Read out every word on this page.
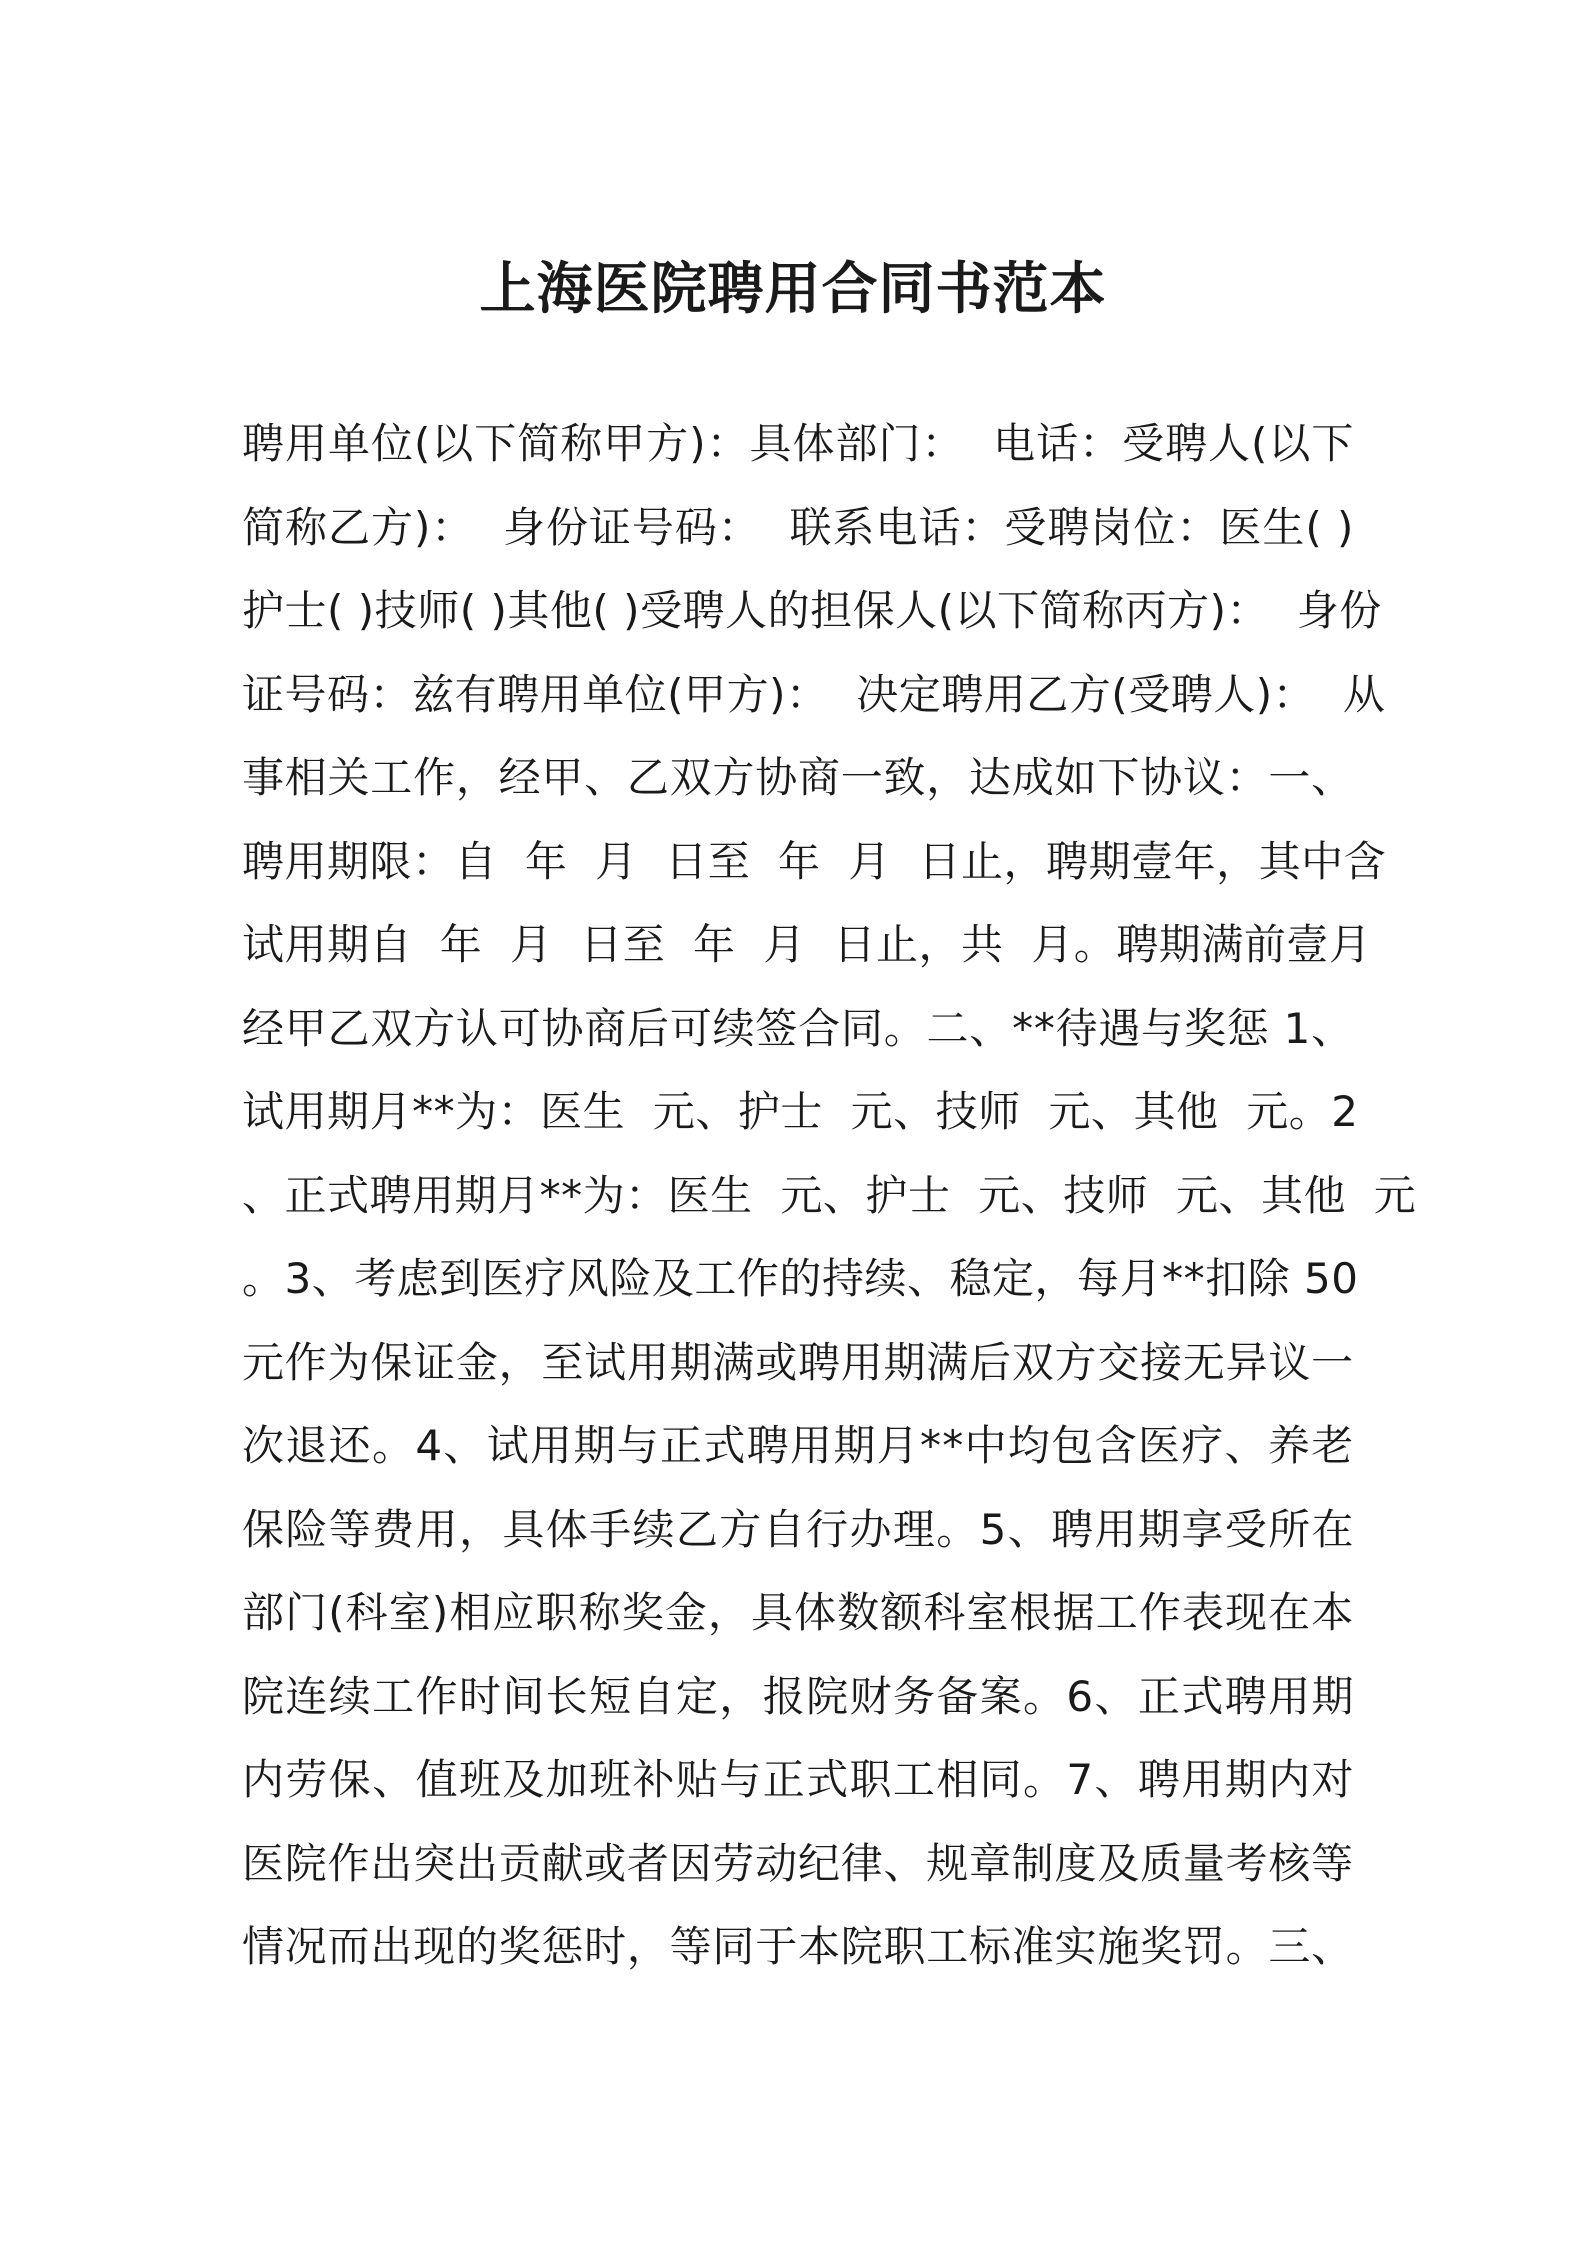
上海医院聘用合同书范本
聘 用 单 位 ( 以 下 简 称 甲 方 ) ： 具 体 部 门 ：

电 话 ： 受 聘 人 ( 以 下
简 称 乙 方 ) ：

身 份 证 号 码 ：

联 系 电 话 ： 受 聘 岗 位 ： 医 生 (
)
护 士 (
) 技 师 (
) 其 他 (
) 受 聘 人 的 担 保 人 ( 以 下 简 称 丙 方 ) ：

身 份
证 号 码 ： 兹 有 聘 用 单 位 ( 甲 方 ) ：

决 定 聘 用 乙 方 ( 受 聘 人 ) ：

从
事 相 关 工 作 ， 经 甲 、 乙 双 方 协 商 一 致 ， 达 成 如 下 协 议 ： 一 、
聘 用 期 限 ： 自

年

月

日 至

年

月

日 止 ， 聘 期 壹 年 ， 其 中 含
试 用 期 自

年

月

日 至

年

月

日 止 ， 共

月 。 聘 期 满 前 壹 月
经 甲 乙 双 方 认 可 协 商 后 可 续 签 合 同 。 二 、 * * 待 遇 与 奖 惩
1 、
试 用 期 月 * * 为 ： 医 生

元 、 护 士

元 、 技 师

元 、 其 他

元 。 2
、 正 式 聘 用 期 月 * * 为 ： 医 生

元 、 护 士

元 、 技 师

元 、 其 他

元
。 3 、 考 虑 到 医 疗 风 险 及 工 作 的 持 续 、 稳 定 ， 每 月 * * 扣 除
5 0
元 作 为 保 证 金 ， 至 试 用 期 满 或 聘 用 期 满 后 双 方 交 接 无 异 议 一
次 退 还 。 4 、 试 用 期 与 正 式 聘 用 期 月 * * 中 均 包 含 医 疗 、 养 老
保 险 等 费 用 ， 具 体 手 续 乙 方 自 行 办 理 。 5 、 聘 用 期 享 受 所 在
部 门 ( 科 室 ) 相 应 职 称 奖 金 ， 具 体 数 额 科 室 根 据 工 作 表 现 在 本
院 连 续 工 作 时 间 长 短 自 定 ， 报 院 财 务 备 案 。 6 、 正 式 聘 用 期
内 劳 保 、 值 班 及 加 班 补 贴 与 正 式 职 工 相 同 。 7 、 聘 用 期 内 对
医 院 作 出 突 出 贡 献 或 者 因 劳 动 纪 律 、 规 章 制 度 及 质 量 考 核 等
情 况 而 出 现 的 奖 惩 时 ， 等 同 于 本 院 职 工 标 准 实 施 奖 罚 。 三 、
